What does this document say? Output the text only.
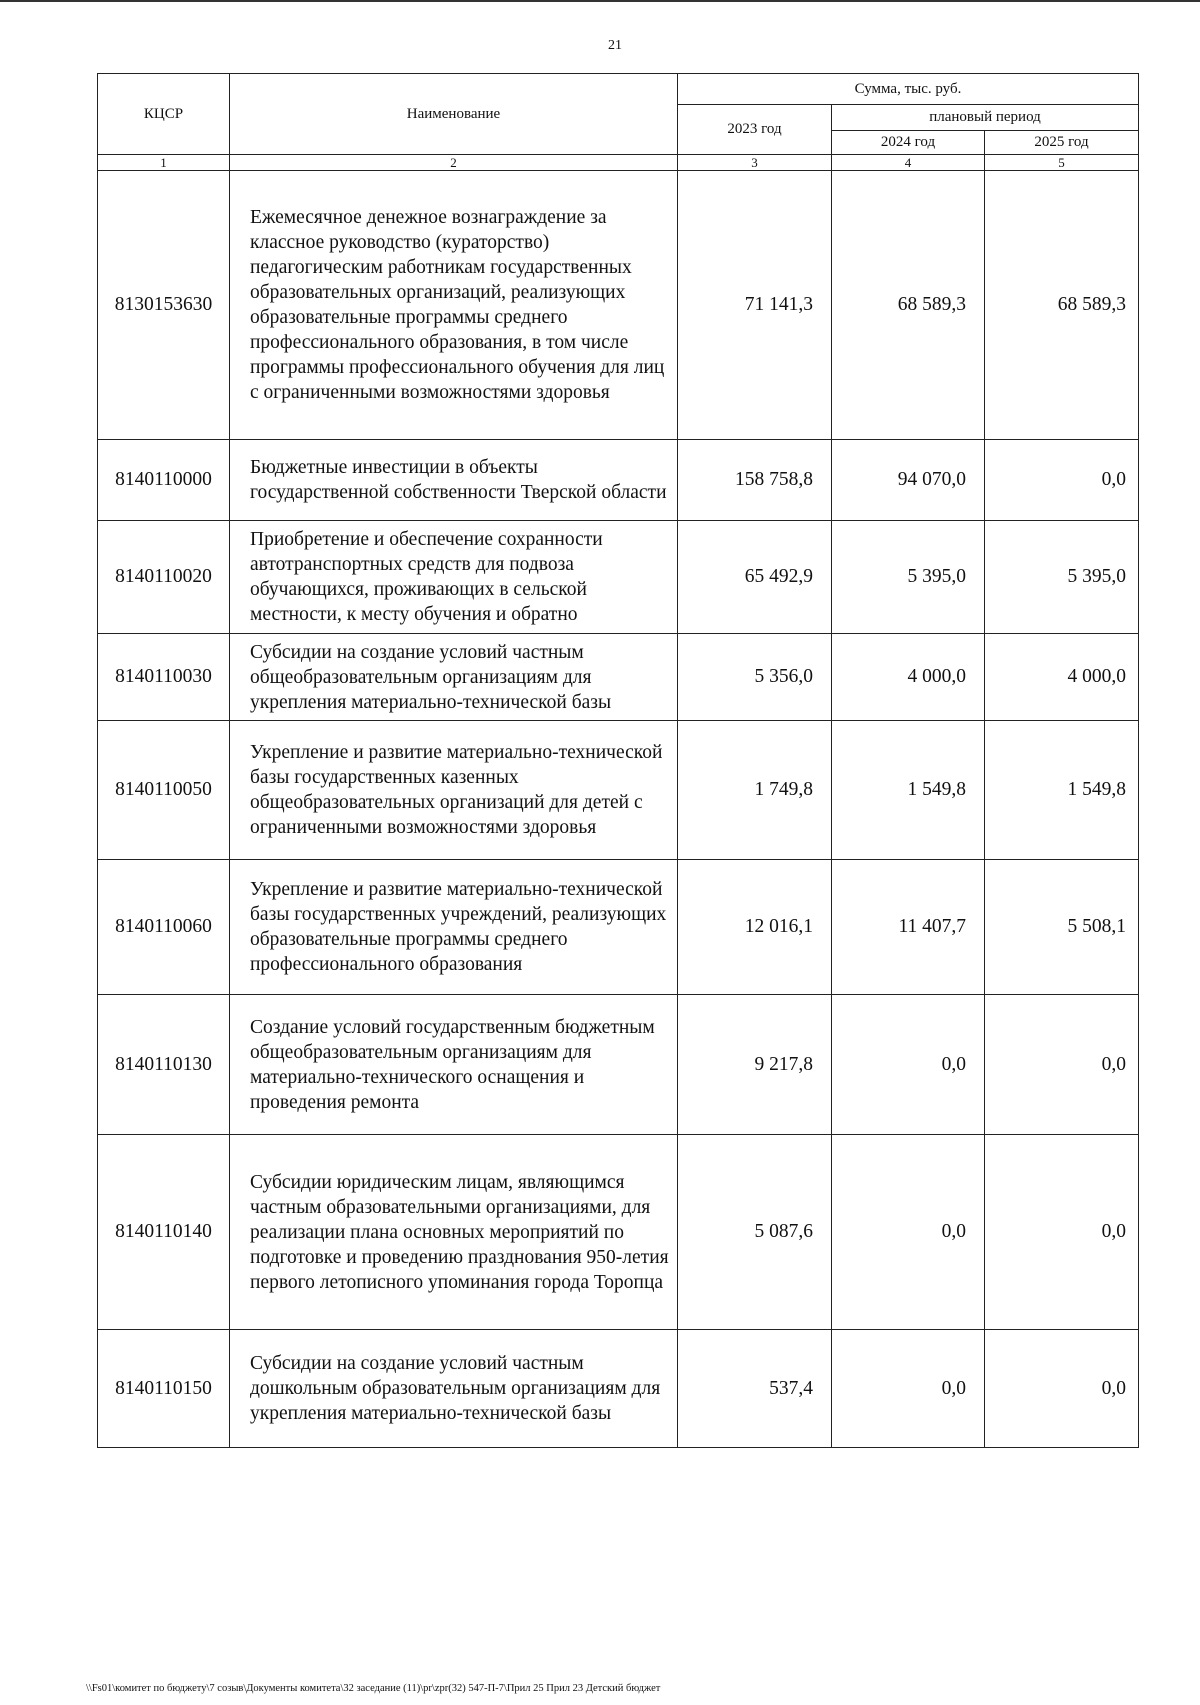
21
КЦСР	Наименование	Сумма, тыс. руб.		
		2023 год	плановый период	
			2024 год	2025 год
1	2	3	4	5
8130153630	Ежемесячное денежное вознаграждение за классное руководство (кураторство) педагогическим работникам государственных образовательных организаций, реализующих образовательные программы среднего профессионального образования, в том числе программы профессионального обучения для лиц с ограниченными возможностями здоровья	71 141,3	68 589,3	68 589,3
8140110000	Бюджетные инвестиции в объекты государственной собственности Тверской области	158 758,8	94 070,0	0,0
8140110020	Приобретение и обеспечение сохранности автотранспортных средств для подвоза обучающихся, проживающих в сельской местности, к месту обучения и обратно	65 492,9	5 395,0	5 395,0
8140110030	Субсидии на создание условий частным общеобразовательным организациям для укрепления материально-технической базы	5 356,0	4 000,0	4 000,0
8140110050	Укрепление и развитие материально-технической базы государственных казенных общеобразовательных организаций для детей с ограниченными возможностями здоровья	1 749,8	1 549,8	1 549,8
8140110060	Укрепление и развитие материально-технической базы государственных учреждений, реализующих образовательные программы среднего профессионального образования	12 016,1	11 407,7	5 508,1
8140110130	Создание условий государственным бюджетным общеобразовательным организациям для материально-технического оснащения и проведения ремонта	9 217,8	0,0	0,0
8140110140	Субсидии юридическим лицам, являющимся частным образовательными организациями, для реализации плана основных мероприятий по подготовке и проведению празднования 950-летия первого летописного упоминания города Торопца	5 087,6	0,0	0,0
8140110150	Субсидии на создание условий частным дошкольным образовательным организациям для укрепления материально-технической базы	537,4	0,0	0,0
\\Fs01\комитет по бюджету\7 созыв\Документы комитета\32 заседание (11)\pr\zpr(32) 547-П-7\Прил 25 Прил 23 Детский бюджет
